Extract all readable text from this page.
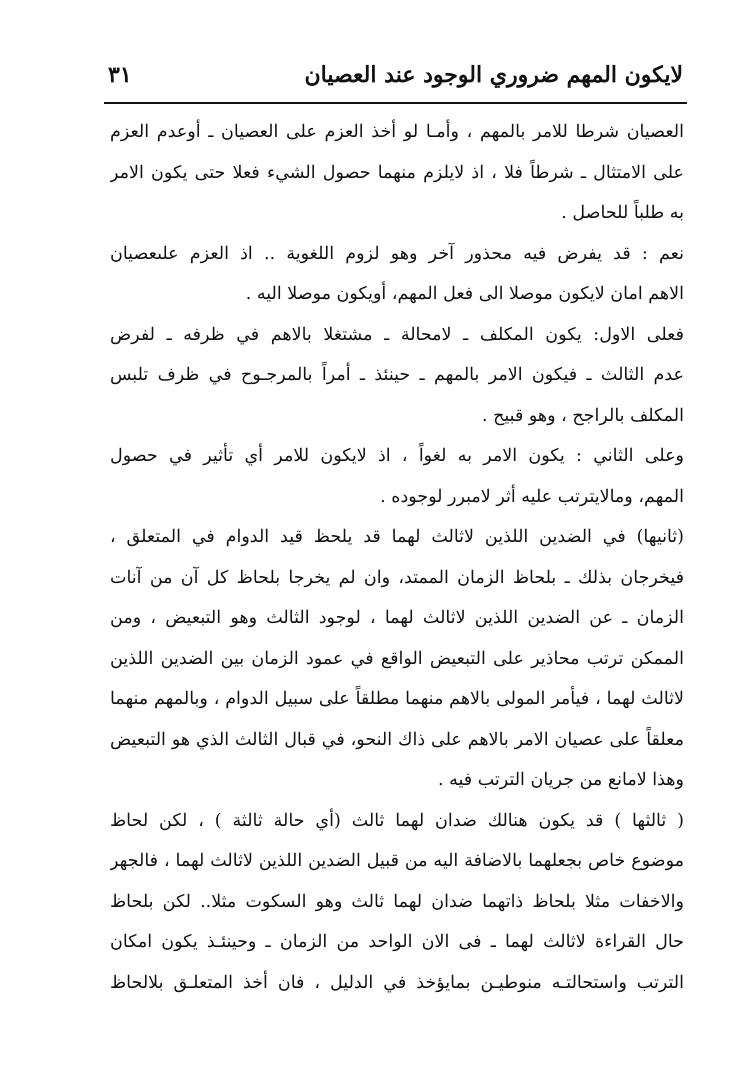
لايكون المهم ضروري الوجود عند العصيان
٣١
العصيان شرطا للامر بالمهم ، وأمـا لو أخذ العزم على العصيان ـ أوعدم العزم
على الامتثال ـ شرطاً فلا ، اذ لايلزم منهما حصول الشيء فعلا حتى يكون الامر
به طلباً للحاصل .
نعم : قد يفرض فيه محذور آخر وهو لزوم اللغوية .. اذ العزم علىعصيان
الاهم امان لايكون موصلا الى فعل المهم، أويكون موصلا اليه .
فعلى الاول: يكون المكلف ـ لامحالة ـ مشتغلا بالاهم في ظرفه ـ لفرض
عدم الثالث ـ فيكون الامر بالمهم ـ حينئذ ـ أمراً بالمرجـوح في ظرف تلبس
المكلف بالراجح ، وهو قبيح .
وعلى الثاني : يكون الامر به لغواً ، اذ لايكون للامر أي تأثير في حصول
المهم، ومالايترتب عليه أثر لامبرر لوجوده .
(ثانيها) في الضدين اللذين لاثالث لهما قد يلحظ قيد الدوام في المتعلق ،
فيخرجان بذلك ـ بلحاظ الزمان الممتد، وان لم يخرجا بلحاظ كل آن من آنات
الزمان ـ عن الضدين اللذين لاثالث لهما ، لوجود الثالث وهو التبعيض ، ومن
الممكن ترتب محاذير على التبعيض الواقع في عمود الزمان بين الضدين اللذين
لاثالث لهما ، فيأمر المولى بالاهم منهما مطلقاً على سبيل الدوام ، وبالمهم منهما
معلقاً على عصيان الامر بالاهم على ذاك النحو، في قبال الثالث الذي هو التبعيض
وهذا لامانع من جريان الترتب فيه .
( ثالثها ) قد يكون هنالك ضدان لهما ثالث (أي حالة ثالثة ) ، لكن لحاظ
موضوع خاص بجعلهما بالاضافة اليه من قبيل الضدين اللذين لاثالث لهما ، فالجهر
والاخفات مثلا بلحاظ ذاتهما ضدان لهما ثالث وهو السكوت مثلا.. لكن بلحاظ
حال القراءة لاثالث لهما ـ فى الان الواحد من الزمان ـ وحينئـذ يكون امكان
الترتب واستحالتـه منوطيـن بمايؤخذ في الدليل ، فان أخذ المتعلـق بلالحاظ
